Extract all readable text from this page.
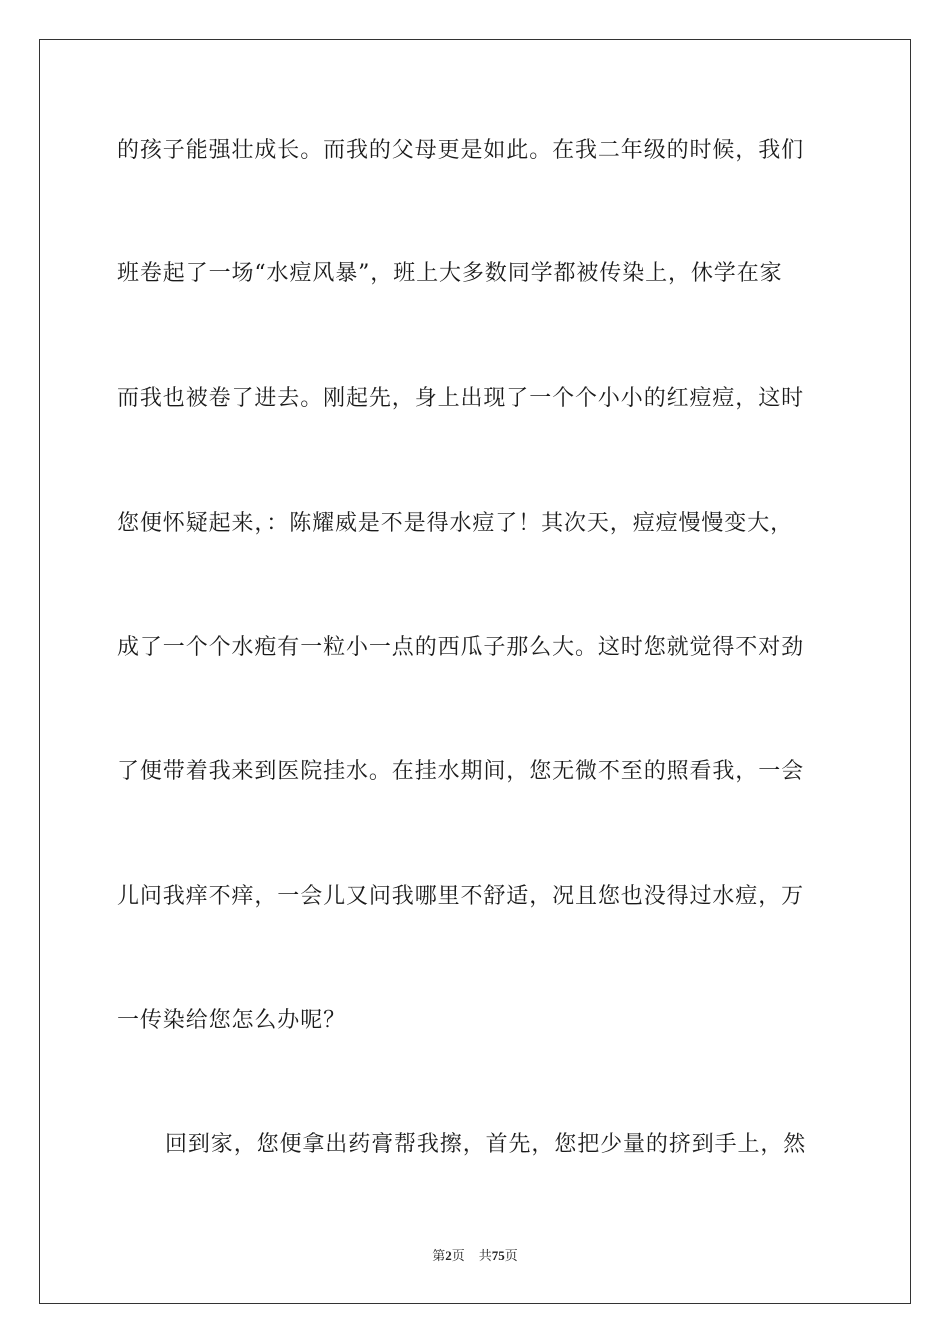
的孩子能强壮成长。而我的父母更是如此。在我二年级的时候，我们
班卷起了一场“水痘风暴”，班上大多数同学都被传染上，休学在家
而我也被卷了进去。刚起先，身上出现了一个个小小的红痘痘，这时
您便怀疑起来，：陈耀威是不是得水痘了！其次天，痘痘慢慢变大，
成了一个个水疱有一粒小一点的西瓜子那么大。这时您就觉得不对劲
了便带着我来到医院挂水。在挂水期间，您无微不至的照看我，一会
儿问我痒不痒，一会儿又问我哪里不舒适，况且您也没得过水痘，万
一传染给您怎么办呢？
回到家，您便拿出药膏帮我擦，首先，您把少量的挤到手上，然
第2页 共75页
